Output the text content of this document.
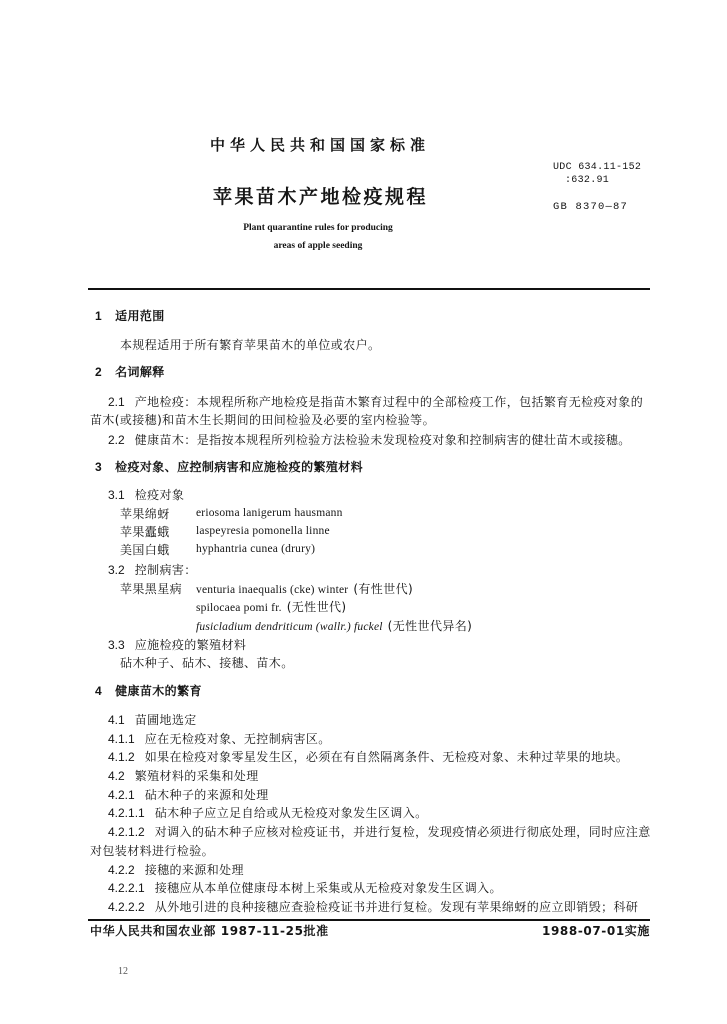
中华人民共和国国家标准
UDC 634.11-152
:632.91
苹果苗木产地检疫规程	GB 8370—87
Plant quarantine rules for producing
areas of apple seeding
1 适用范围
本规程适用于所有繁育苹果苗木的单位或农户。
2 名词解释
2.1 产地检疫：本规程所称产地检疫是指苗木繁育过程中的全部检疫工作，包括繁育无检疫对象的
苗木(或接穗)和苗木生长期间的田间检验及必要的室内检验等。
2.2 健康苗木：是指按本规程所列检验方法检验未发现检疫对象和控制病害的健壮苗木或接穗。
3 检疫对象、应控制病害和应施检疫的繁殖材料
3.1 检疫对象
苹果绵蚜 eriosoma lanigerum hausmann
苹果蠹蛾 laspeyresia pomonella linne
美国白蛾 hyphantria cunea (drury)
3.2 控制病害：
苹果黑星病 venturia inaequalis (cke) winter (有性世代)
spilocaea pomi fr. (无性世代)
fusicladium dendriticum (wallr.) fuckel (无性世代异名)
3.3 应施检疫的繁殖材料
砧木种子、砧木、接穗、苗木。
4 健康苗木的繁育
4.1 苗圃地选定
4.1.1 应在无检疫对象、无控制病害区。
4.1.2 如果在检疫对象零星发生区，必须在有自然隔离条件、无检疫对象、未种过苹果的地块。
4.2 繁殖材料的采集和处理
4.2.1 砧木种子的来源和处理
4.2.1.1 砧木种子应立足自给或从无检疫对象发生区调入。
4.2.1.2 对调入的砧木种子应核对检疫证书，并进行复检，发现疫情必须进行彻底处理，同时应注意
对包装材料进行检验。
4.2.2 接穗的来源和处理
4.2.2.1 接穗应从本单位健康母本树上采集或从无检疫对象发生区调入。
4.2.2.2 从外地引进的良种接穗应查验检疫证书并进行复检。发现有苹果绵蚜的应立即销毁；科研
中华人民共和国农业部 1987-11-25批准	1988-07-01实施
12
